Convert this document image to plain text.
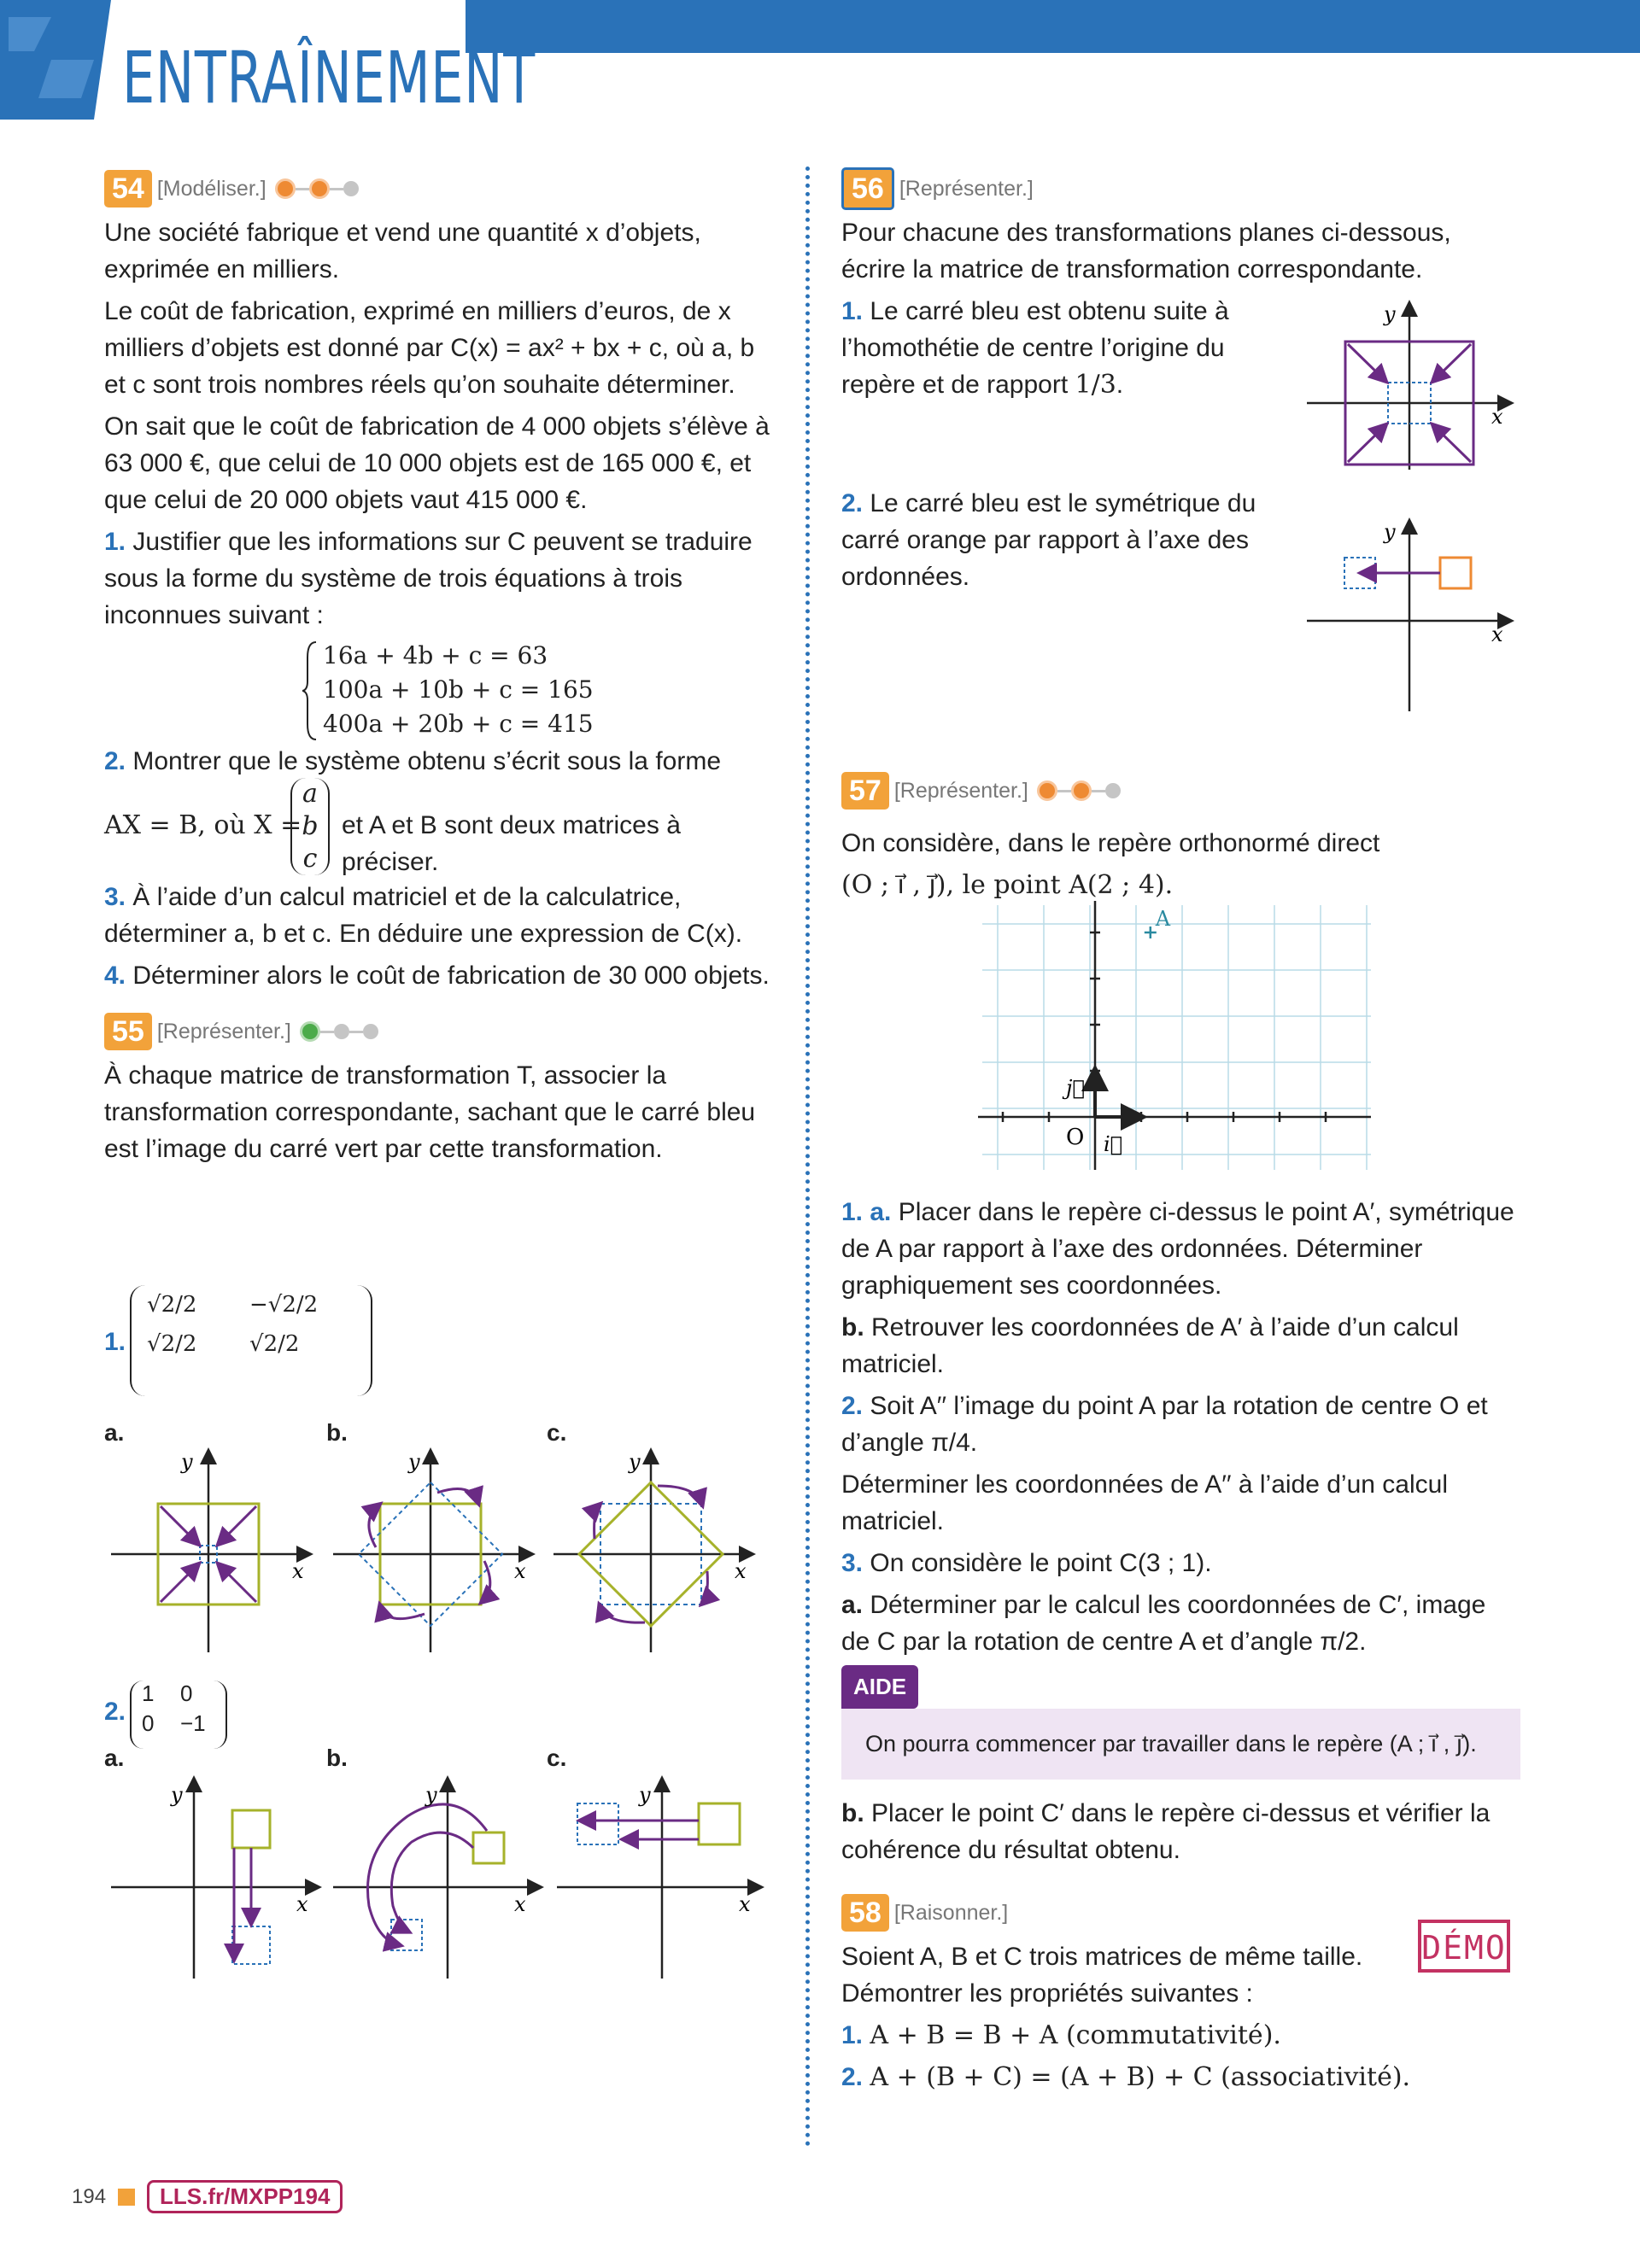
ENTRAÎNEMENT
54 [Modéliser.]

Une société fabrique et vend une quantité x d’objets, exprimée en milliers.

Le coût de fabrication, exprimé en milliers d’euros, de x milliers d’objets est donné par C(x) = ax² + bx + c, où a, b et c sont trois nombres réels qu’on souhaite déterminer.

On sait que le coût de fabrication de 4 000 objets s’élève à 63 000 €, que celui de 10 000 objets est de 165 000 €, et que celui de 20 000 objets vaut 415 000 €.

1. Justifier que les informations sur C peuvent se traduire sous la forme du système de trois équations à trois inconnues suivant :

16a + 4b + c = 63
100a + 10b + c = 165
400a + 20b + c = 415

2. Montrer que le système obtenu s’écrit sous la forme

AX = B, où X =
a
b
c
et A et B sont deux matrices à préciser.

3. À l’aide d’un calcul matriciel et de la calculatrice, déterminer a, b et c. En déduire une expression de C(x).

4. Déterminer alors le coût de fabrication de 30 000 objets.

55 [Représenter.]

À chaque matrice de transformation T, associer la transformation correspondante, sachant que le carré bleu est l’image du carré vert par cette transformation.

1.
√2/2	−√2/2
√2/2	√2/2
a.	b.	c.
x
y
x
y
x
y
2.
1	0
0	−1
a.	b.	c.
x
y
x
y
x
y
56 [Représenter.]

Pour chacune des transformations planes ci-dessous, écrire la matrice de transformation correspondante.

1. Le carré bleu est obtenu suite à l’homothétie de centre l’origine du repère et de rapport 1/3.

2. Le carré bleu est le symétrique du carré orange par rapport à l’axe des ordonnées.

x
y
x
y
57 [Représenter.]

On considère, dans le repère orthonormé direct

(O ; i⃗ , j⃗), le point A(2 ; 4).

A
O i⃗
j⃗

1. a. Placer dans le repère ci-dessus le point A′, symétrique de A par rapport à l’axe des ordonnées. Déterminer graphiquement ses coordonnées.

b. Retrouver les coordonnées de A′ à l’aide d’un calcul matriciel.

2. Soit A′′ l’image du point A par la rotation de centre O et d’angle π/4.

Déterminer les coordonnées de A′′ à l’aide d’un calcul matriciel.

3. On considère le point C(3 ; 1).

a. Déterminer par le calcul les coordonnées de C′, image de C par la rotation de centre A et d’angle π/2.

AIDE
On pourra commencer par travailler dans le repère (A ; i⃗ , j⃗).

b. Placer le point C′ dans le repère ci-dessus et vérifier la cohérence du résultat obtenu.

58 [Raisonner.]

Soient A, B et C trois matrices de même taille. Démontrer les propriétés suivantes :

1. A + B = B + A (commutativité).

2. A + (B + C) = (A + B) + C (associativité).

DÉMO
194	LLS.fr/MXPP194
